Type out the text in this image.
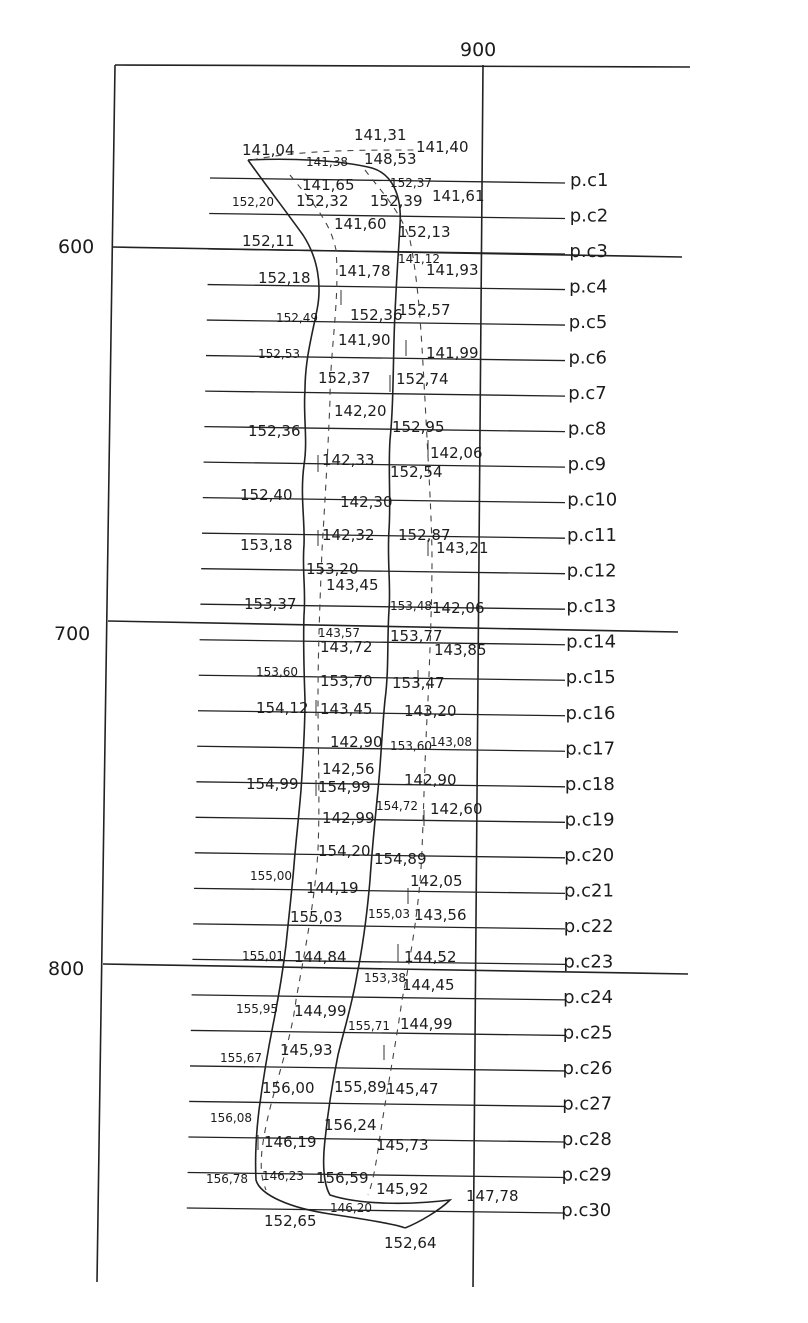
900
600
700
800
p.c1
p.c2
p.c3
p.c4
p.c5
p.c6
p.c7
p.c8
p.c9
p.c10
p.c11
p.c12
p.c13
p.c14
p.c15
p.c16
p.c17
p.c18
p.c19
p.c20
p.c21
p.c22
p.c23
p.c24
p.c25
p.c26
p.c27
p.c28
p.c29
p.c30
141,04
141,31
141,40
141,38 148,53
141,65	152,37
152,20 152,32 152,39 141,61
141,60 152,13
152,11
141,12
152,18 141,78 141,93
152,49 152,36
152,57
141,90
152,53	141,99
152,37 152,74
142,20
152,36	152,95
142,06
142,33
152,54
152,40	142,30
142,32 152,87
153,18	143,21
153,20
143,45
153,37	153,48 142,06
143,57 153,77
143,72	143,85
153,60 153,70 153,47
154,12 143,45 143,20
142,90 153,60
143,08
142,56
154,99 154,99 142,90
154,72 142,60
142,99
154,20 154,89
155,00	142,05
144,19
155,03 155,03 143,56
155,01 144,84	144,52
153,38
144,45
155,95 144,99
155,71 144,99
155,67 145,93
156,00 155,89 145,47
156,08	156,24
146,19	145,73
156,78 146,23 156,59
145,92	147,78
146,20
152,65
152,64
